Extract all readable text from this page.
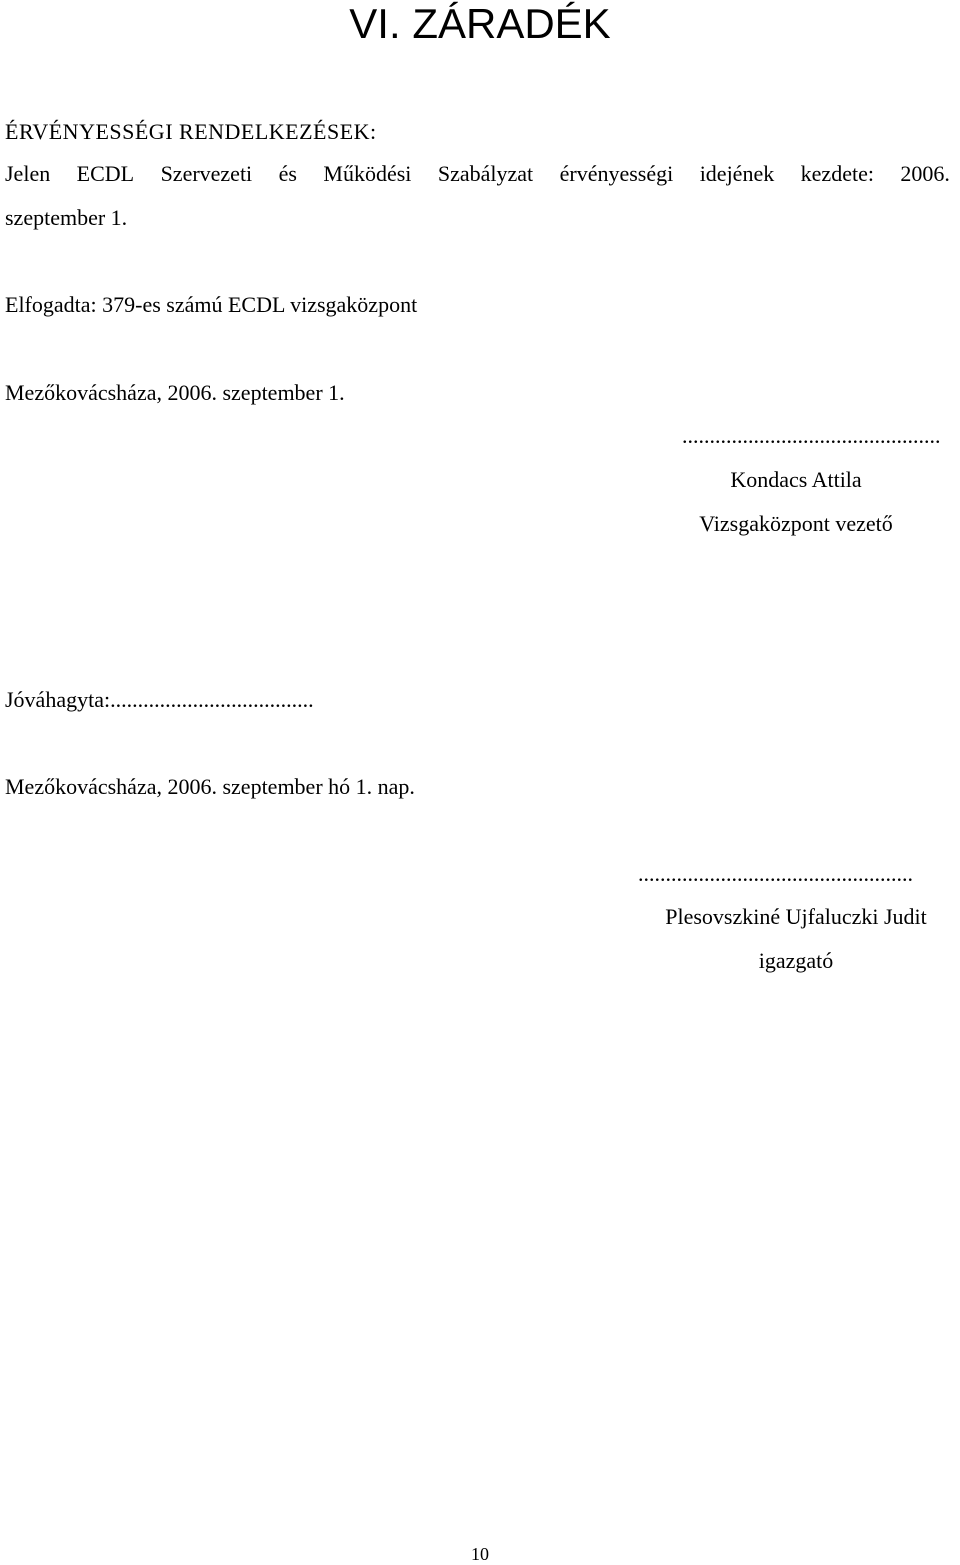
VI. ZÁRADÉK
ÉRVÉNYESSÉGI RENDELKEZÉSEK:
Jelen ECDL Szervezeti és Működési Szabályzat érvényességi idejének kezdete: 2006.
szeptember 1.
Elfogadta: 379-es számú ECDL vizsgaközpont
Mezőkovácsháza, 2006. szeptember 1.
...............................................
Kondacs Attila
Vizsgaközpont vezető
Jóváhagyta:.....................................
Mezőkovácsháza, 2006. szeptember hó 1. nap.
..................................................
Plesovszkiné Ujfaluczki Judit
igazgató
10
